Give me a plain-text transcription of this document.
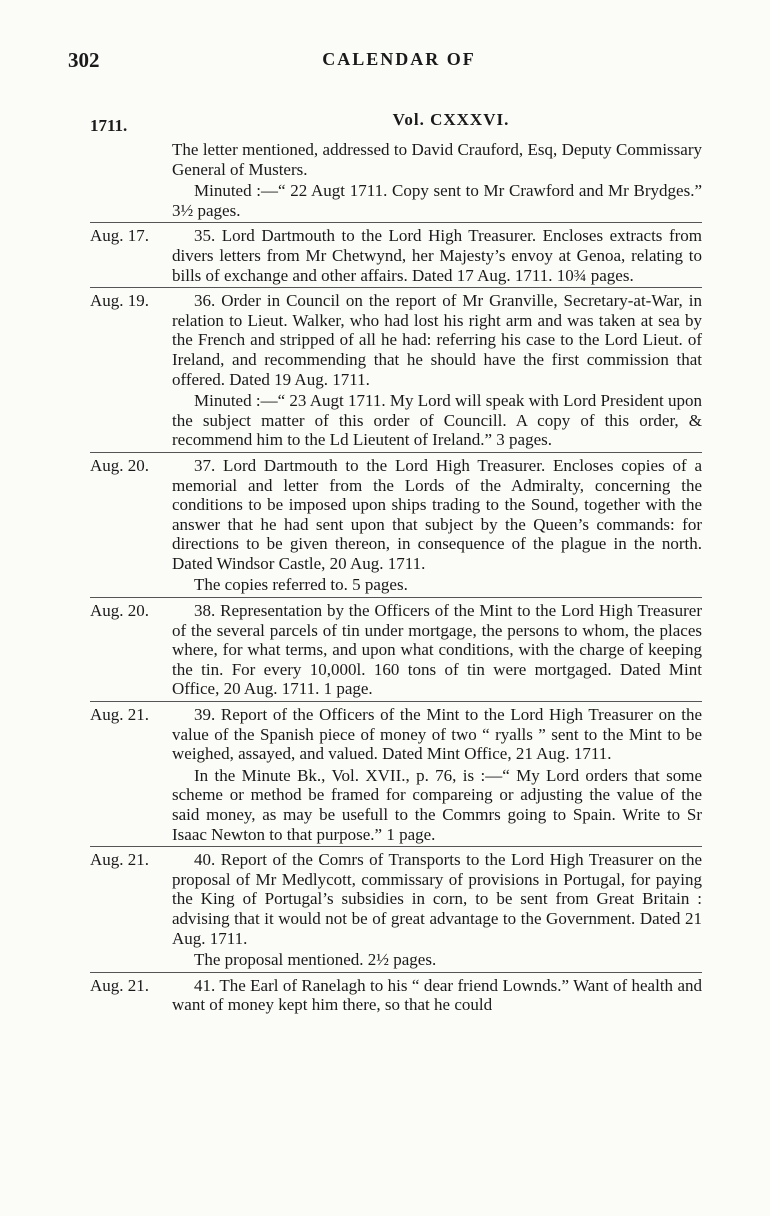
302	CALENDAR OF
Vol. CXXXVI.
1711.

The letter mentioned, addressed to David Crauford, Esq, Deputy Commissary General of Musters.

Minuted :—“ 22 Augt 1711. Copy sent to Mr Crawford and Mr Brydges.” 3½ pages.

Aug. 17.	35. Lord Dartmouth to the Lord High Treasurer. Encloses extracts from divers letters from Mr Chetwynd, her Majesty’s envoy at Genoa, relating to bills of exchange and other affairs. Dated 17 Aug. 1711. 10¾ pages.

Aug. 19.	36. Order in Council on the report of Mr Granville, Secretary-at-War, in relation to Lieut. Walker, who had lost his right arm and was taken at sea by the French and stripped of all he had: referring his case to the Lord Lieut. of Ireland, and recommending that he should have the first commission that offered. Dated 19 Aug. 1711.

Minuted :—“ 23 Augt 1711. My Lord will speak with Lord President upon the subject matter of this order of Councill. A copy of this order, & recommend him to the Ld Lieutent of Ireland.” 3 pages.

Aug. 20.	37. Lord Dartmouth to the Lord High Treasurer. Encloses copies of a memorial and letter from the Lords of the Admiralty, concerning the conditions to be imposed upon ships trading to the Sound, together with the answer that he had sent upon that subject by the Queen’s commands: for directions to be given thereon, in consequence of the plague in the north. Dated Windsor Castle, 20 Aug. 1711.

The copies referred to. 5 pages.

Aug. 20.	38. Representation by the Officers of the Mint to the Lord High Treasurer of the several parcels of tin under mortgage, the persons to whom, the places where, for what terms, and upon what conditions, with the charge of keeping the tin. For every 10,000l. 160 tons of tin were mortgaged. Dated Mint Office, 20 Aug. 1711. 1 page.

Aug. 21.	39. Report of the Officers of the Mint to the Lord High Treasurer on the value of the Spanish piece of money of two “ ryalls ” sent to the Mint to be weighed, assayed, and valued. Dated Mint Office, 21 Aug. 1711.

In the Minute Bk., Vol. XVII., p. 76, is :—“ My Lord orders that some scheme or method be framed for compareing or adjusting the value of the said money, as may be usefull to the Commrs going to Spain. Write to Sr Isaac Newton to that purpose.” 1 page.

Aug. 21.	40. Report of the Comrs of Transports to the Lord High Treasurer on the proposal of Mr Medlycott, commissary of provisions in Portugal, for paying the King of Portugal’s subsidies in corn, to be sent from Great Britain : advising that it would not be of great advantage to the Government. Dated 21 Aug. 1711.

The proposal mentioned. 2½ pages.

Aug. 21.	41. The Earl of Ranelagh to his “ dear friend Lownds.” Want of health and want of money kept him there, so that he could
